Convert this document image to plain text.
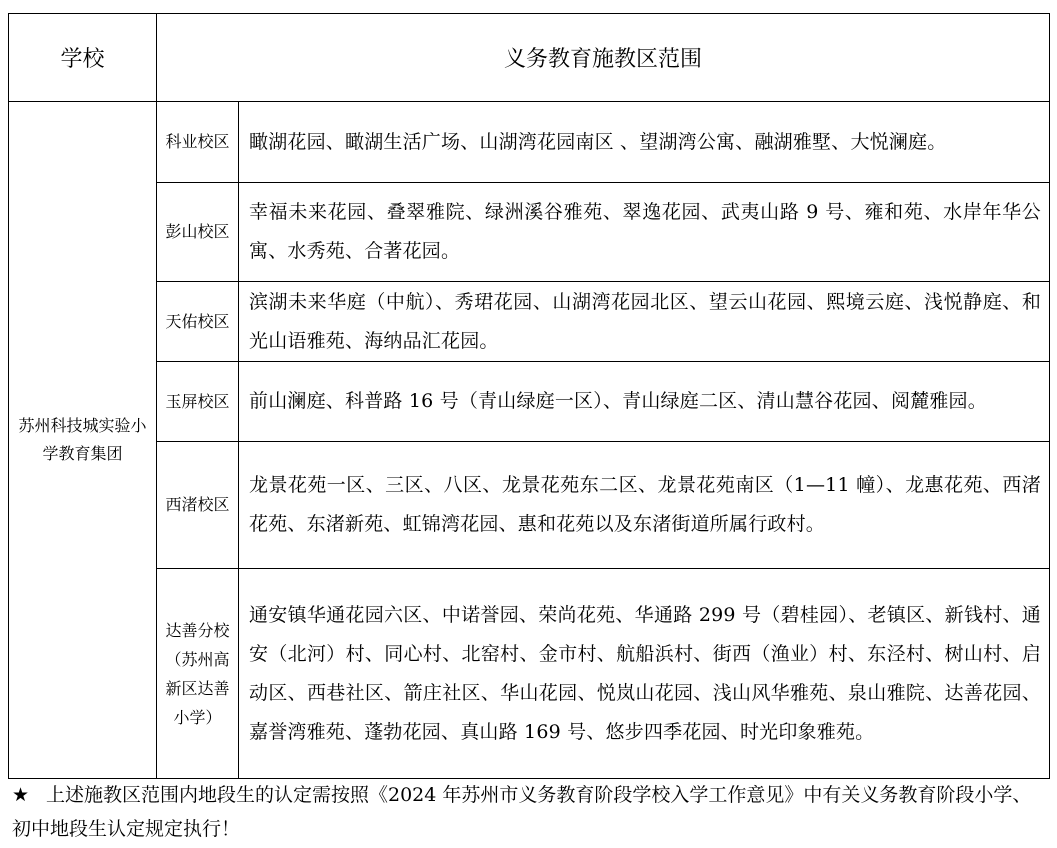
学校	义务教育施教区范围	
苏州科技城实验小学教育集团	科业校区	瞰湖花园、瞰湖生活广场、山湖湾花园南区 、望湖湾公寓、融湖雅墅、大悦澜庭。
	彭山校区	幸福未来花园、叠翠雅院、绿洲溪谷雅苑、翠逸花园、武夷山路 9 号、雍和苑、水岸年华公寓、水秀苑、合著花园。
	天佑校区	滨湖未来华庭（中航）、秀珺花园、山湖湾花园北区、望云山花园、熙境云庭、浅悦静庭、和光山语雅苑、海纳品汇花园。
	玉屏校区	前山澜庭、科普路 16 号（青山绿庭一区）、青山绿庭二区、清山慧谷花园、阅麓雅园。
	西渚校区	龙景花苑一区、三区、八区、龙景花苑东二区、龙景花苑南区（1—11 幢）、龙惠花苑、西渚花苑、东渚新苑、虹锦湾花园、惠和花苑以及东渚街道所属行政村。
	达善分校（苏州高新区达善小学）	通安镇华通花园六区、中诺誉园、荣尚花苑、华通路 299 号（碧桂园）、老镇区、新钱村、通安（北河）村、同心村、北窑村、金市村、航船浜村、街西（渔业）村、东泾村、树山村、启动区、西巷社区、箭庄社区、华山花园、悦岚山花园、浅山风华雅苑、泉山雅院、达善花园、嘉誉湾雅苑、蓬勃花园、真山路 169 号、悠步四季花园、时光印象雅苑。
★ 上述施教区范围内地段生的认定需按照《2024 年苏州市义务教育阶段学校入学工作意见》中有关义务教育阶段小学、初中地段生认定规定执行！
